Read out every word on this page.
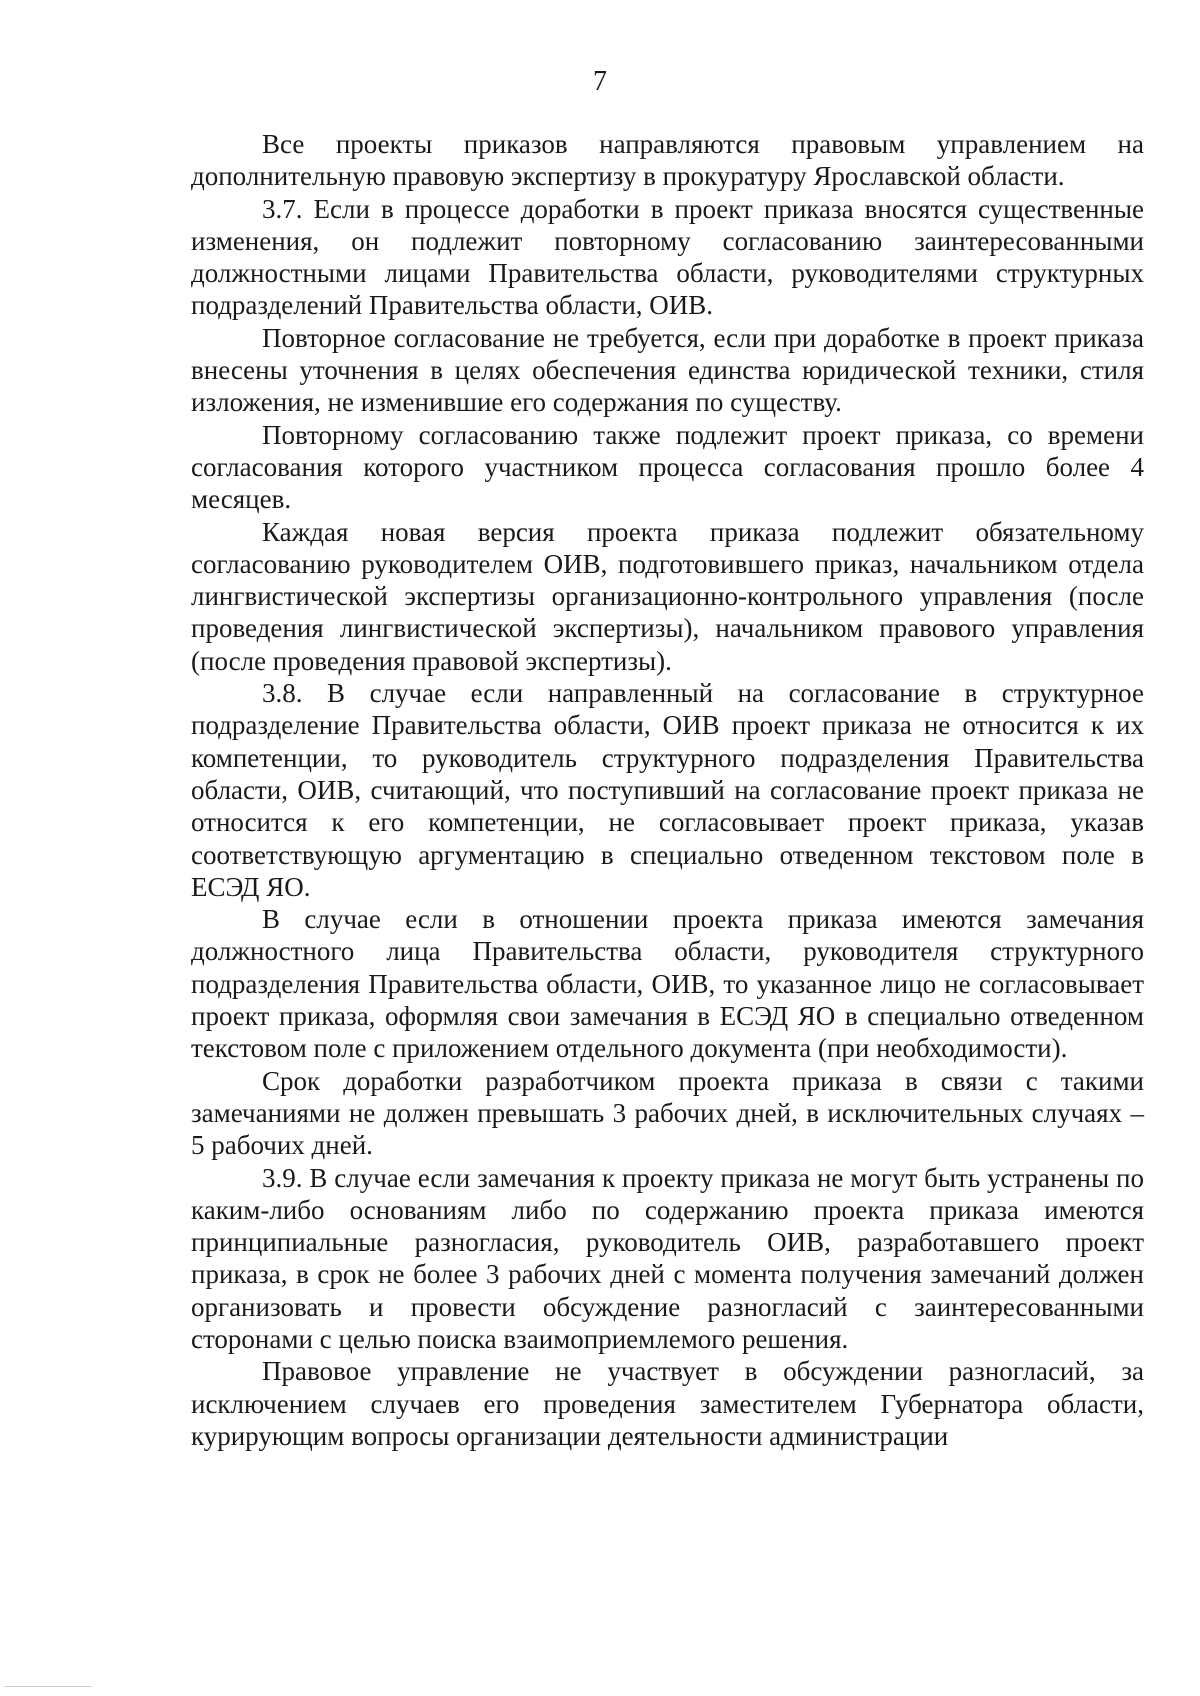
7

Все проекты приказов направляются правовым управлением на дополнительную правовую экспертизу в прокуратуру Ярославской области.

3.7. Если в процессе доработки в проект приказа вносятся существенные изменения, он подлежит повторному согласованию заинтересованными должностными лицами Правительства области, руководителями структурных подразделений Правительства области, ОИВ.

Повторное согласование не требуется, если при доработке в проект приказа внесены уточнения в целях обеспечения единства юридической техники, стиля изложения, не изменившие его содержания по существу.

Повторному согласованию также подлежит проект приказа, со времени согласования которого участником процесса согласования прошло более 4 месяцев.

Каждая новая версия проекта приказа подлежит обязательному согласованию руководителем ОИВ, подготовившего приказ, начальником отдела лингвистической экспертизы организационно-контрольного управления (после проведения лингвистической экспертизы), начальником правового управления (после проведения правовой экспертизы).

3.8. В случае если направленный на согласование в структурное подразделение Правительства области, ОИВ проект приказа не относится к их компетенции, то руководитель структурного подразделения Правительства области, ОИВ, считающий, что поступивший на согласование проект приказа не относится к его компетенции, не согласовывает проект приказа, указав соответствующую аргументацию в специально отведенном текстовом поле в ЕСЭД ЯО.

В случае если в отношении проекта приказа имеются замечания должностного лица Правительства области, руководителя структурного подразделения Правительства области, ОИВ, то указанное лицо не согласовывает проект приказа, оформляя свои замечания в ЕСЭД ЯО в специально отведенном текстовом поле с приложением отдельного документа (при необходимости).

Срок доработки разработчиком проекта приказа в связи с такими замечаниями не должен превышать 3 рабочих дней, в исключительных случаях – 5 рабочих дней.

3.9. В случае если замечания к проекту приказа не могут быть устранены по каким-либо основаниям либо по содержанию проекта приказа имеются принципиальные разногласия, руководитель ОИВ, разработавшего проект приказа, в срок не более 3 рабочих дней с момента получения замечаний должен организовать и провести обсуждение разногласий с заинтересованными сторонами с целью поиска взаимоприемлемого решения.

Правовое управление не участвует в обсуждении разногласий, за исключением случаев его проведения заместителем Губернатора области, курирующим вопросы организации деятельности администрации
